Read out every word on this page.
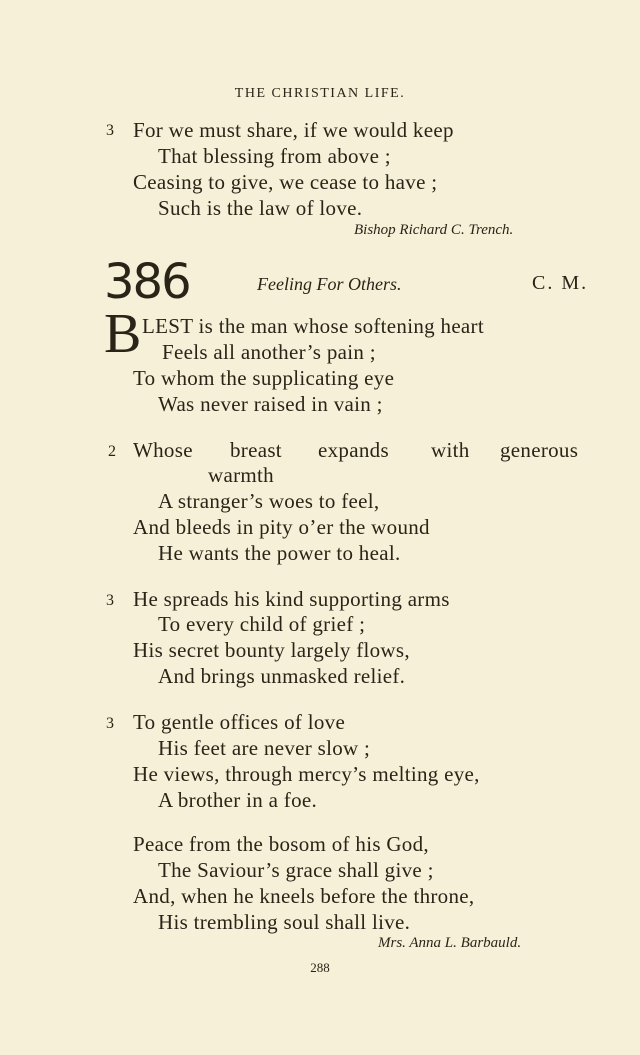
THE CHRISTIAN LIFE.
3 For we must share, if we would keep
That blessing from above ;
Ceasing to give, we cease to have ;
Such is the law of love.
Bishop Richard C. Trench.
386	Feeling For Others.	C. M.
B LEST is the man whose softening heart
Feels all another’s pain ;
To whom the supplicating eye
Was never raised in vain ;
2 Whose breast expands with generous
warmth
A stranger’s woes to feel,
And bleeds in pity o’er the wound
He wants the power to heal.
3 He spreads his kind supporting arms
To every child of grief ;
His secret bounty largely flows,
And brings unmasked relief.
3 To gentle offices of love
His feet are never slow ;
He views, through mercy’s melting eye,
A brother in a foe.
Peace from the bosom of his God,
The Saviour’s grace shall give ;
And, when he kneels before the throne,
His trembling soul shall live.
Mrs. Anna L. Barbauld.
288
